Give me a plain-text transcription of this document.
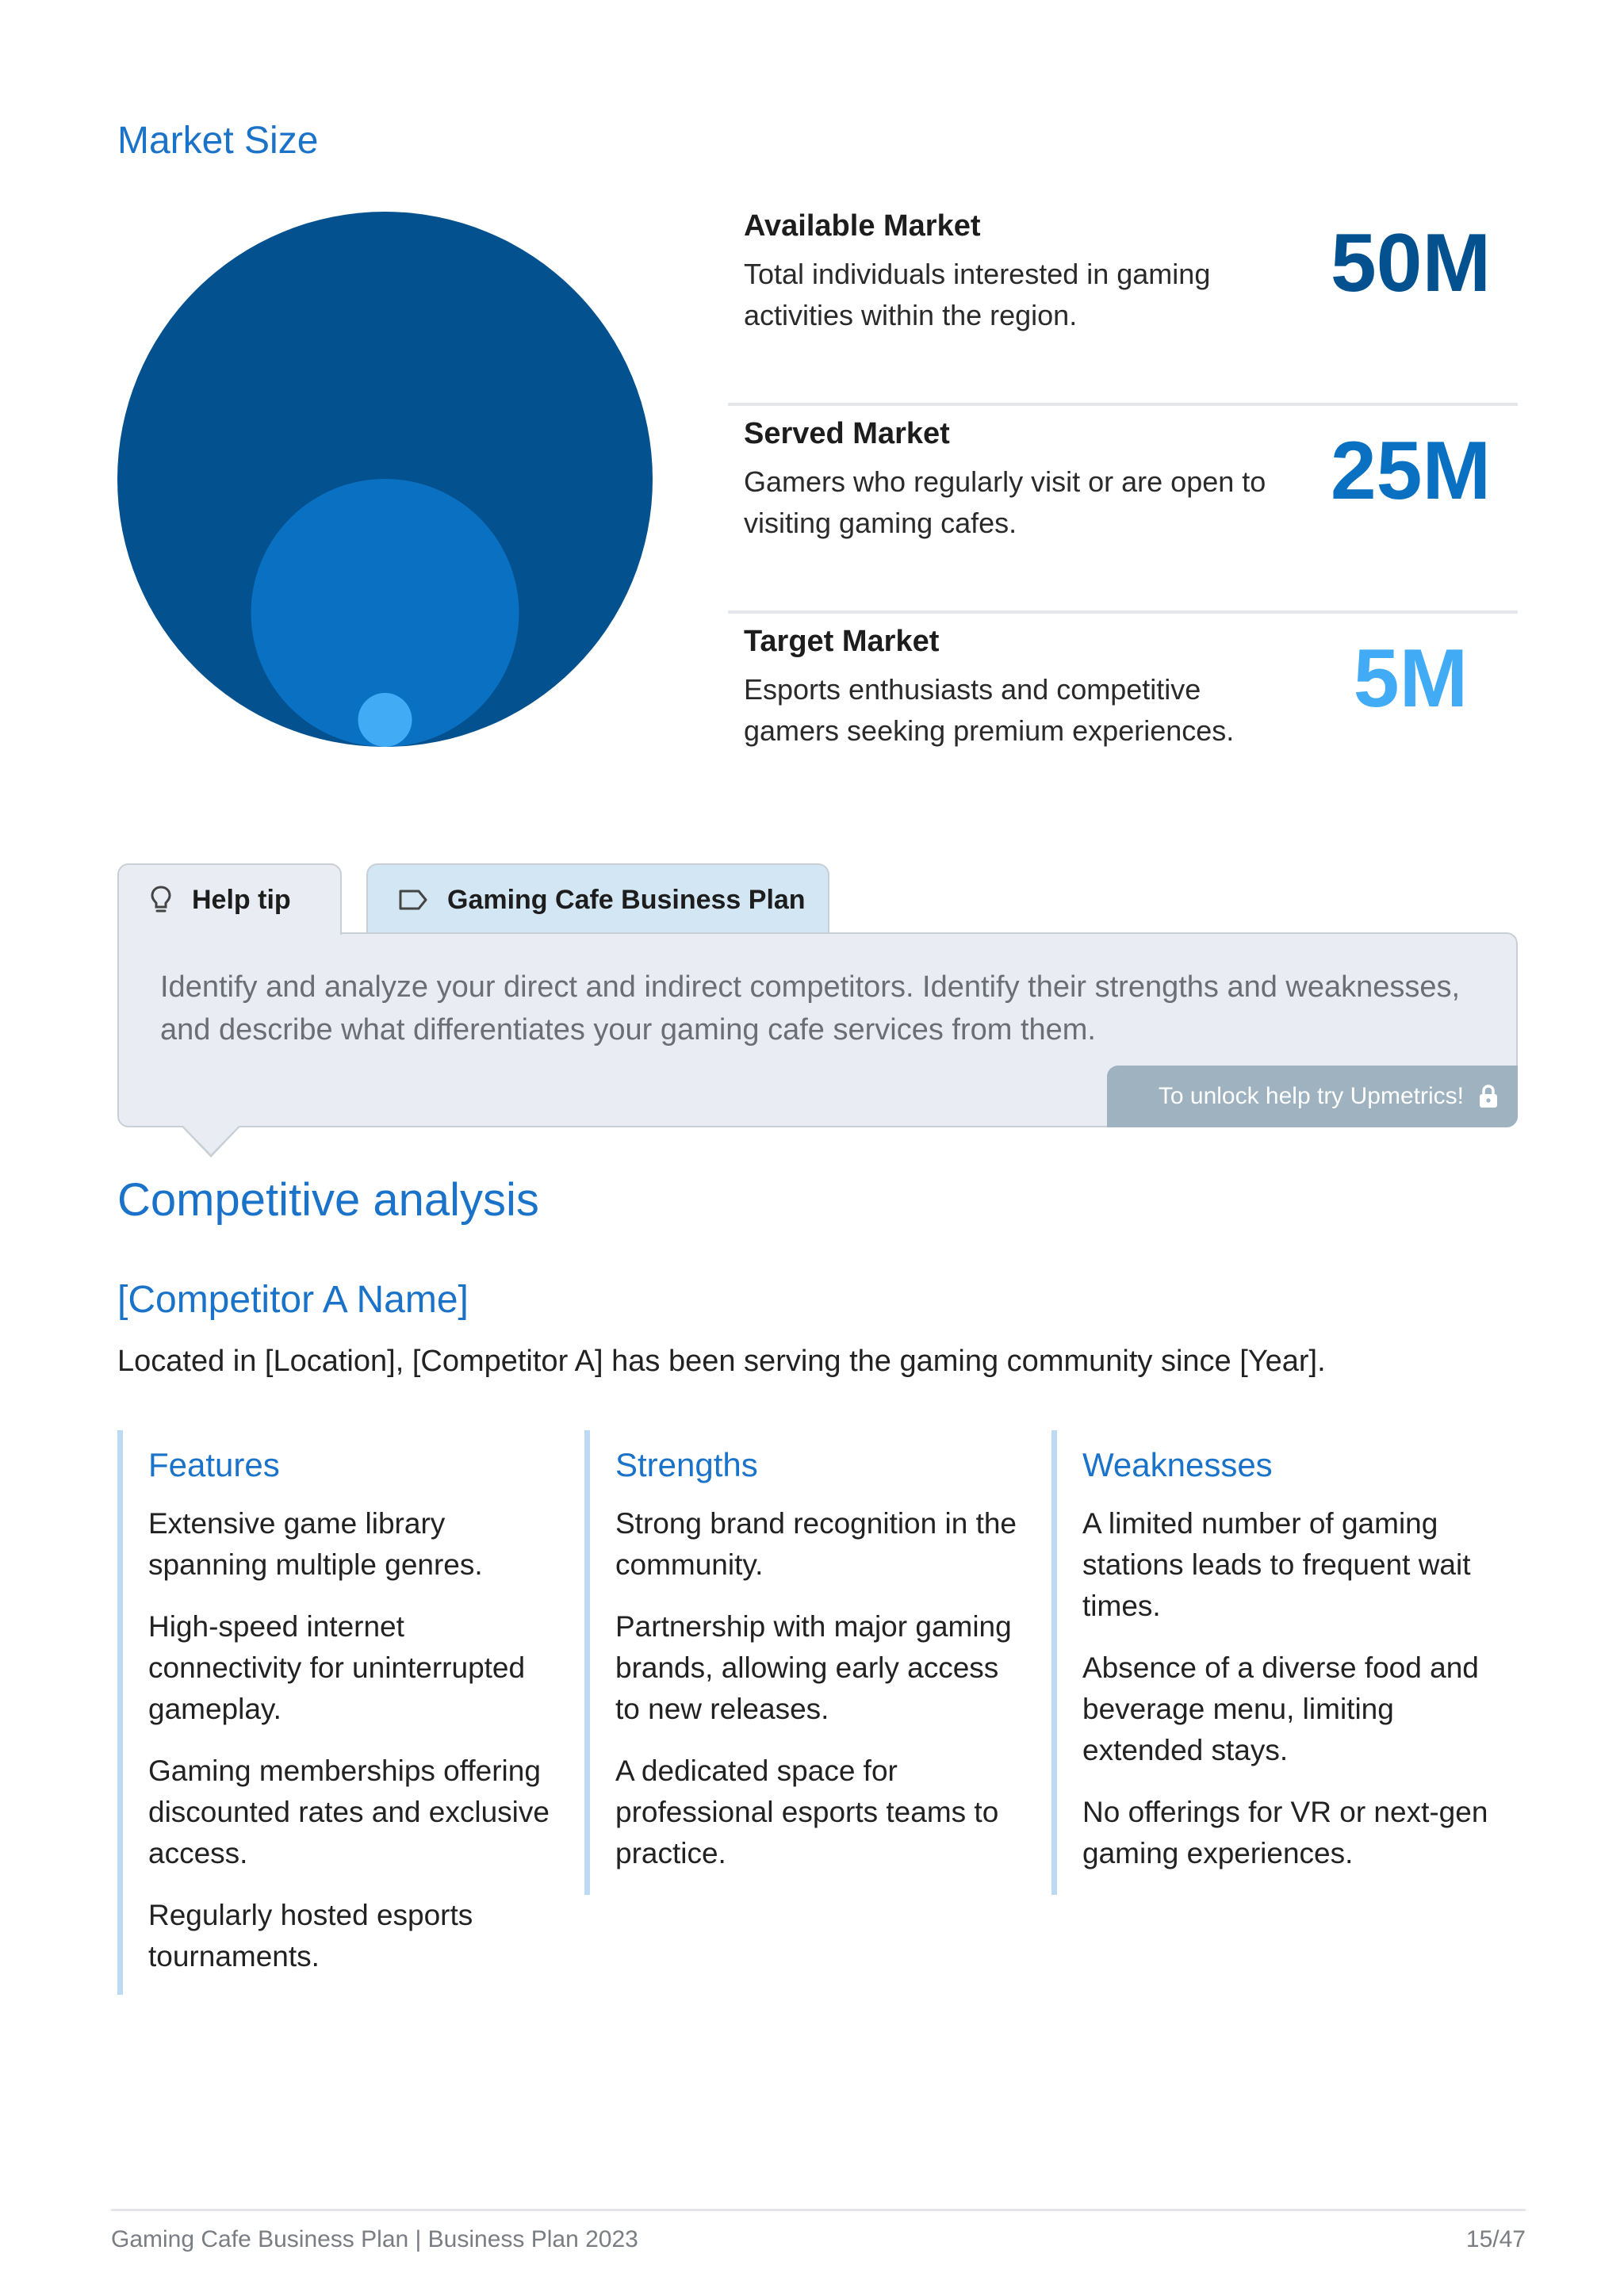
Market Size
Available Market
Total individuals interested in gaming activities within the region.
50M
Served Market
Gamers who regularly visit or are open to visiting gaming cafes.
25M
Target Market
Esports enthusiasts and competitive gamers seeking premium experiences.
5M
Help tip	Gaming Cafe Business Plan
Identify and analyze your direct and indirect competitors. Identify their strengths and weaknesses, and describe what differentiates your gaming cafe services from them.
To unlock help try Upmetrics!
Competitive analysis
[Competitor A Name]
Located in [Location], [Competitor A] has been serving the gaming community since [Year].
Features
Extensive game library spanning multiple genres.
High-speed internet connectivity for uninterrupted gameplay.
Gaming memberships offering discounted rates and exclusive access.
Regularly hosted esports tournaments.
Strengths
Strong brand recognition in the community.
Partnership with major gaming brands, allowing early access to new releases.
A dedicated space for professional esports teams to practice.
Weaknesses
A limited number of gaming stations leads to frequent wait times.
Absence of a diverse food and beverage menu, limiting extended stays.
No offerings for VR or next-gen gaming experiences.
Gaming Cafe Business Plan | Business Plan 2023	15/47
